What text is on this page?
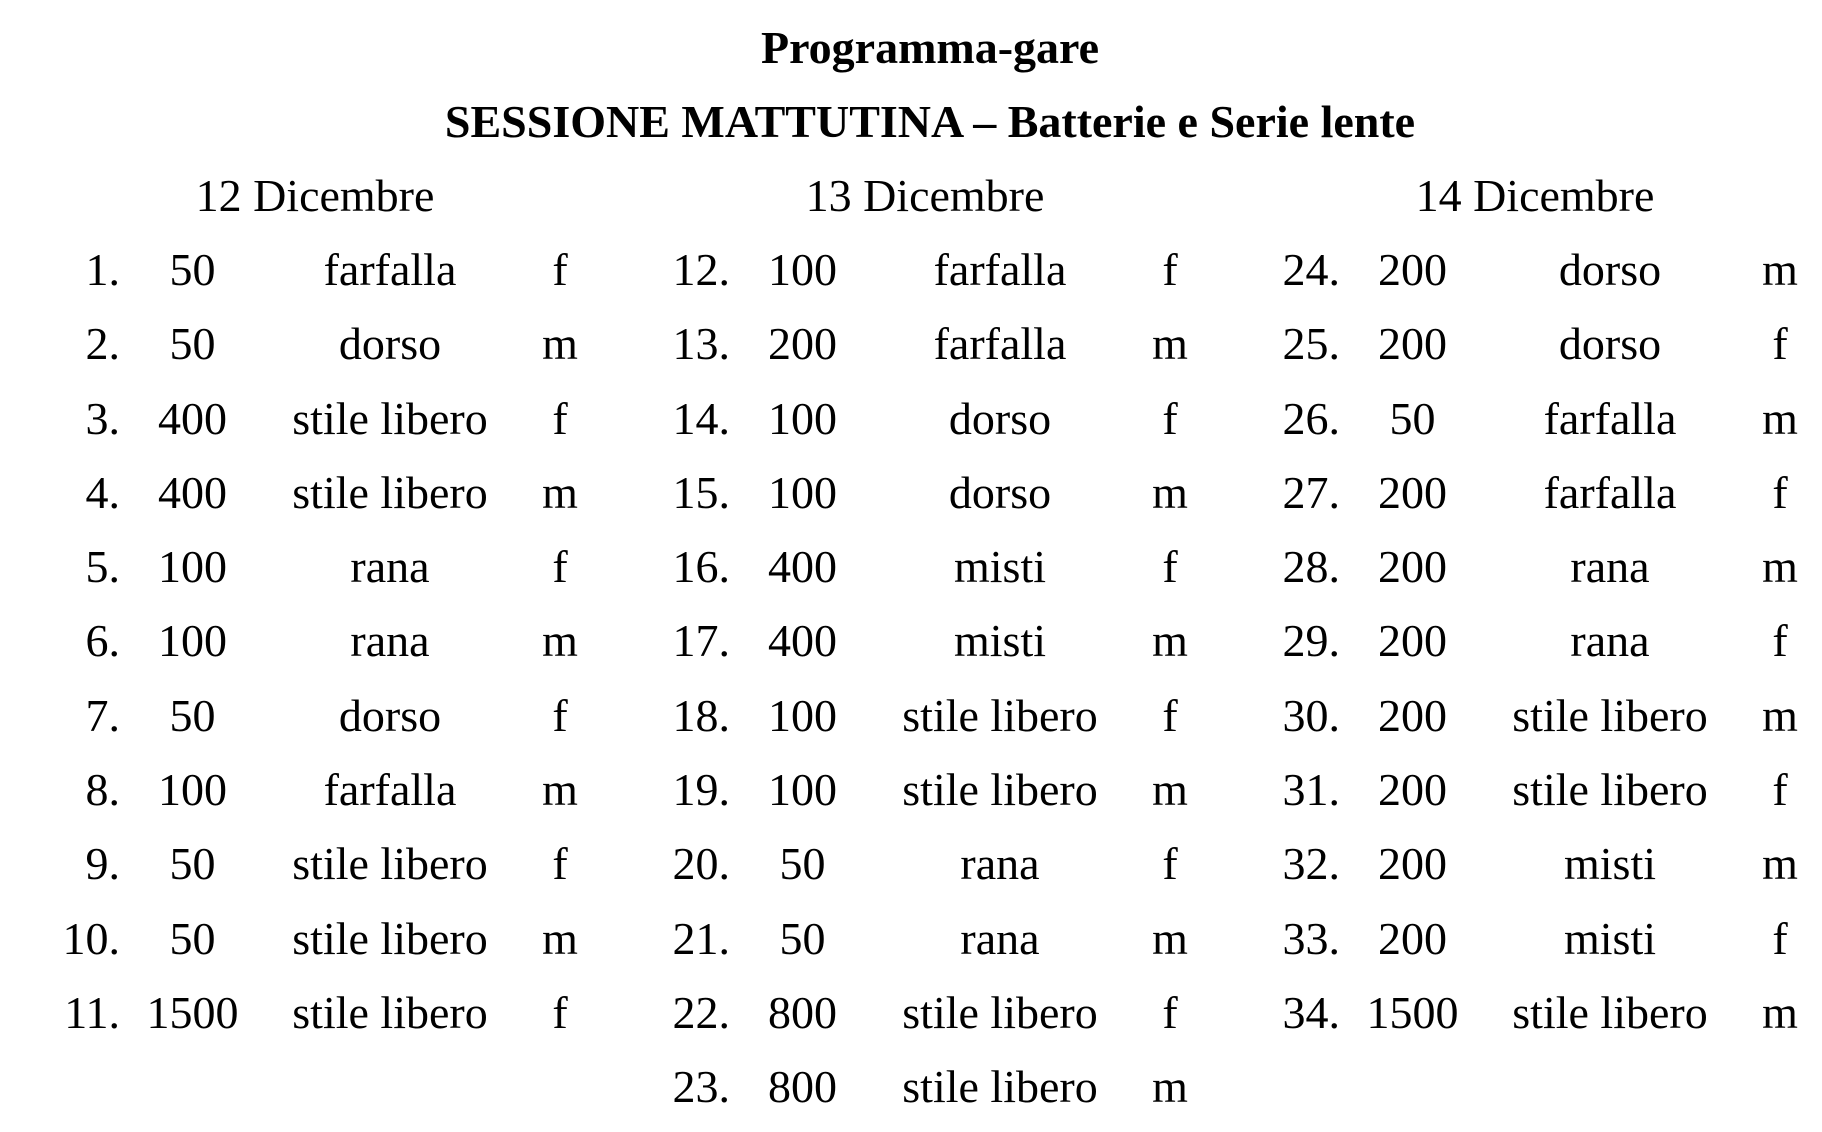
Programma-gare
SESSIONE MATTUTINA – Batterie e Serie lente
12 Dicembre
1.	50	farfalla	f
2.	50	dorso	m
3. 400	stile libero	f
4. 400	stile libero	m
5. 100	rana	f
6. 100	rana	m
7.	50	dorso	f
8. 100	farfalla	m
9.	50	stile libero	f
10.	50	stile libero	m
11. 1500	stile libero	f
13 Dicembre
12. 100	farfalla	f
13. 200	farfalla	m
14. 100	dorso	f
15. 100	dorso	m
16. 400	misti	f
17. 400	misti	m
18. 100	stile libero	f
19. 100	stile libero	m
20.	50	rana	f
21.	50	rana	m
22. 800	stile libero	f
23. 800	stile libero	m
14 Dicembre
24. 200	dorso	m
25. 200	dorso	f
26.	50	farfalla	m
27. 200	farfalla	f
28. 200	rana	m
29. 200	rana	f
30. 200	stile libero	m
31. 200	stile libero	f
32. 200	misti	m
33. 200	misti	f
34. 1500	stile libero	m
